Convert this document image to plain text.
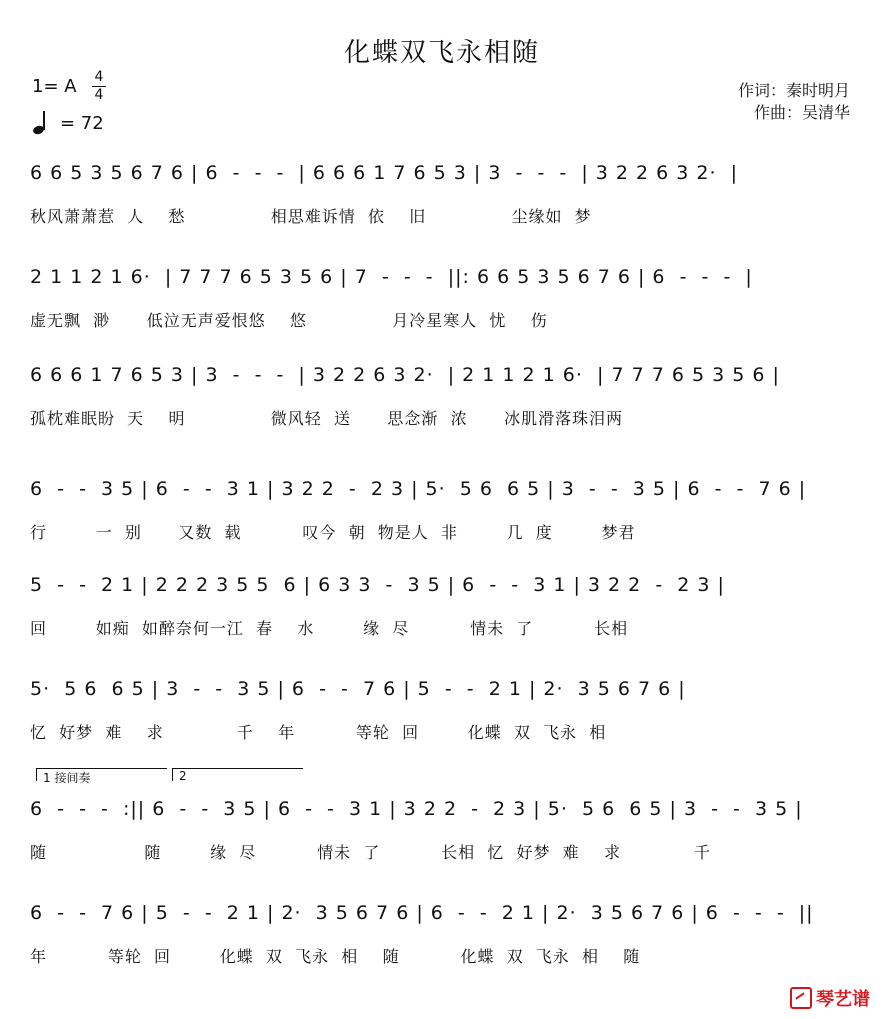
化蝶双飞永相随
1= A 4
4
= 72
作词：秦时明月
作曲：吴清华
6 6 5 3 5 6 7 6 | 6  -  -  -  | 6 6 6 1 7 6 5 3 | 3  -  -  -  | 3 2 2 6 3 2·  |
秋风萧萧惹  人    愁              相思难诉情  依    旧              尘缘如  梦
2 1 1 2 1 6·  | 7 7 7 6 5 3 5 6 | 7  -  -  -  ||: 6 6 5 3 5 6 7 6 | 6  -  -  -  |
虚无飘  渺      低泣无声爱恨悠    悠              月冷星寒人  忧    伤
6 6 6 1 7 6 5 3 | 3  -  -  -  | 3 2 2 6 3 2·  | 2 1 1 2 1 6·  | 7 7 7 6 5 3 5 6 |
孤枕难眠盼  天    明              微风轻  送      思念渐  浓      冰肌滑落珠泪两
6  -  -  3 5 | 6  -  -  3 1 | 3 2 2  -  2 3 | 5·  5 6  6 5 | 3  -  -  3 5 | 6  -  -  7 6 |
行        一  别      又数  载          叹今  朝  物是人  非        几  度        梦君
5  -  -  2 1 | 2 2 2 3 5 5  6 | 6 3 3  -  3 5 | 6  -  -  3 1 | 3 2 2  -  2 3 |
回        如痴  如醉奈何一江  春    水        缘  尽          情未  了          长相
5·  5 6  6 5 | 3  -  -  3 5 | 6  -  -  7 6 | 5  -  -  2 1 | 2·  3 5 6 7 6 |
忆  好梦  难    求            千    年          等轮  回        化蝶  双  飞永  相
1 接间奏	2
6  -  -  -  :|| 6  -  -  3 5 | 6  -  -  3 1 | 3 2 2  -  2 3 | 5·  5 6  6 5 | 3  -  -  3 5 |
随                随        缘  尽          情未  了          长相  忆  好梦  难    求            千
6  -  -  7 6 | 5  -  -  2 1 | 2·  3 5 6 7 6 | 6  -  -  2 1 | 2·  3 5 6 7 6 | 6  -  -  -  ||
年          等轮  回        化蝶  双  飞永  相    随          化蝶  双  飞永  相    随
琴艺谱
